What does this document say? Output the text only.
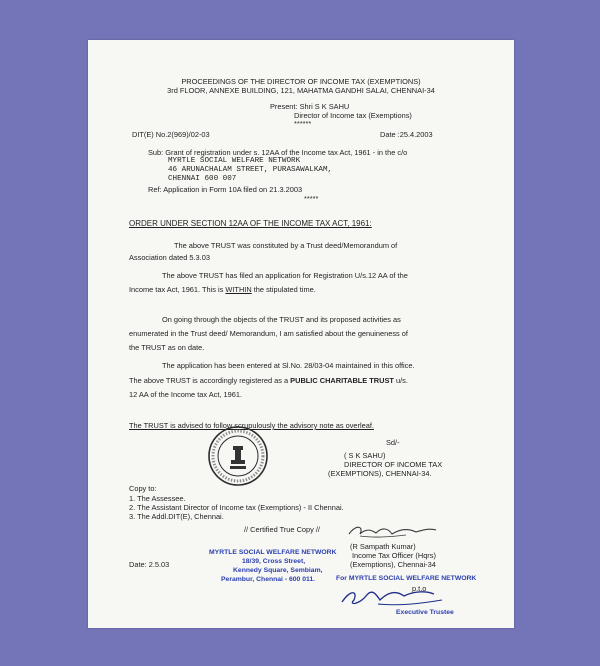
PROCEEDINGS OF THE DIRECTOR OF INCOME TAX (EXEMPTIONS)
3rd FLOOR, ANNEXE BUILDING, 121, MAHATMA GANDHI SALAI, CHENNAI-34
Present: Shri S K SAHU
Director of Income tax (Exemptions)
******
DIT(E) No.2(969)/02-03	Date :25.4.2003
Sub: Grant of registration under s. 12AA of the Income tax Act, 1961 - in the c/o
MYRTLE SOCIAL WELFARE NETWORK
46 ARUNACHALAM STREET, PURASAWALKAM,
CHENNAI 600 007
Ref: Application in Form 10A filed on 21.3.2003
*****
ORDER UNDER SECTION 12AA OF THE INCOME TAX ACT, 1961:
The above TRUST was constituted by a Trust deed/Memorandum of
Association dated 5.3.03
The above TRUST has filed an application for Registration U/s.12 AA of the
Income tax Act, 1961. This is WITHIN the stipulated time.
On going through the objects of the TRUST and its proposed activities as
enumerated in the Trust deed/ Memorandum, I am satisfied about the genuineness of
the TRUST as on date.
The application has been entered at Sl.No. 28/03-04 maintained in this office.
The above TRUST is accordingly registered as a PUBLIC CHARITABLE TRUST u/s.
12 AA of the Income tax Act, 1961.
The TRUST is advised to follow scrupulously the advisory note as overleaf.
Sd/-
( S K SAHU)
DIRECTOR OF INCOME TAX
(EXEMPTIONS), CHENNAI-34.
Copy to:
1. The Assessee.
2. The Assistant Director of Income tax (Exemptions) - II Chennai.
3. The Addl.DIT(E), Chennai.
// Certified True Copy //
(R Sampath Kumar)
Income Tax Officer (Hqrs)
(Exemptions), Chennai-34
MYRTLE SOCIAL WELFARE NETWORK
18/39, Cross Street,
Kennedy Square, Sembiam,
Perambur, Chennai - 600 011.
Date: 2.5.03
For MYRTLE SOCIAL WELFARE NETWORK
p.t.o
Executive Trustee
